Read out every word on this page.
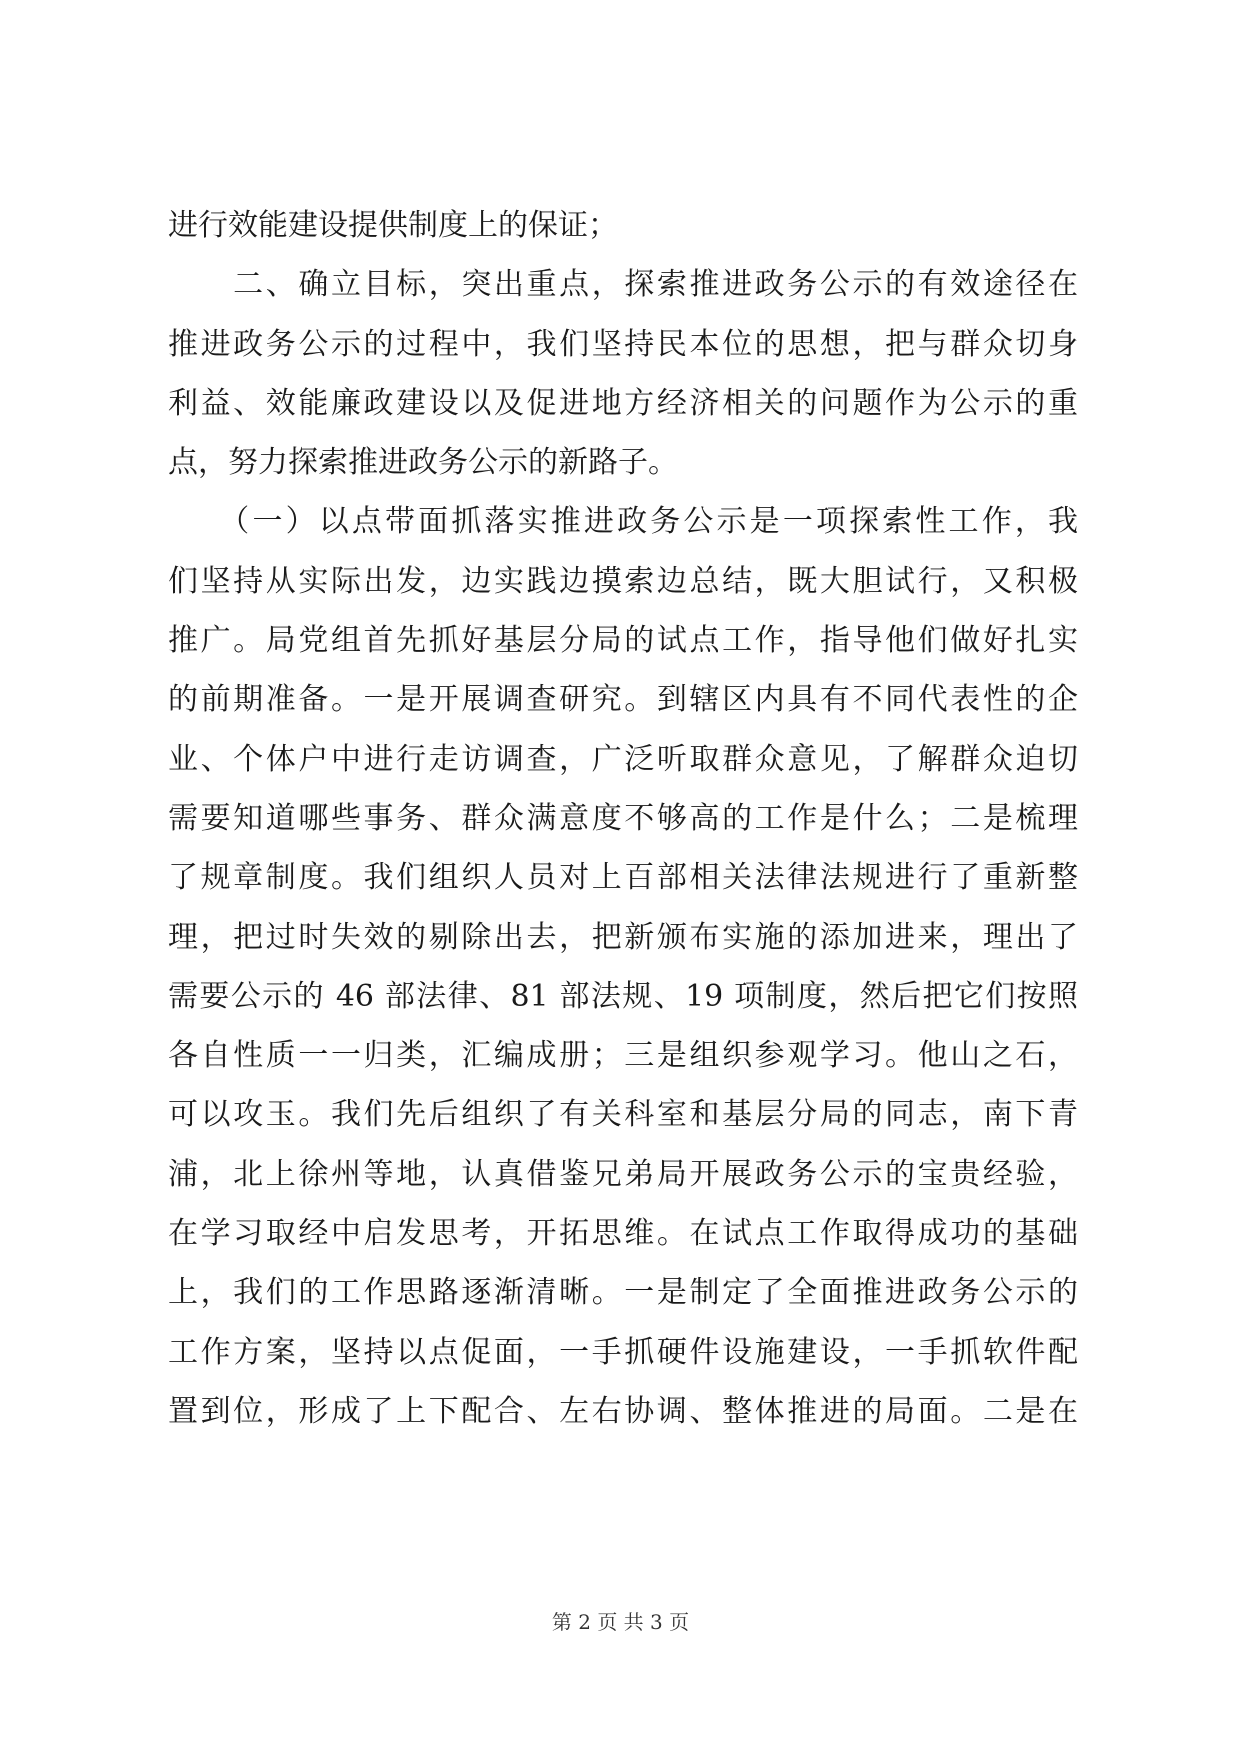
进行效能建设提供制度上的保证；
　　二、确立目标，突出重点，探索推进政务公示的有效途径在
推进政务公示的过程中，我们坚持民本位的思想，把与群众切身
利益、效能廉政建设以及促进地方经济相关的问题作为公示的重
点，努力探索推进政务公示的新路子。
　　（一）以点带面抓落实推进政务公示是一项探索性工作，我
们坚持从实际出发，边实践边摸索边总结，既大胆试行，又积极
推广。局党组首先抓好基层分局的试点工作，指导他们做好扎实
的前期准备。一是开展调查研究。到辖区内具有不同代表性的企
业、个体户中进行走访调查，广泛听取群众意见，了解群众迫切
需要知道哪些事务、群众满意度不够高的工作是什么；二是梳理
了规章制度。我们组织人员对上百部相关法律法规进行了重新整
理，把过时失效的剔除出去，把新颁布实施的添加进来，理出了
需要公示的 46 部法律、81 部法规、19 项制度，然后把它们按照
各自性质一一归类，汇编成册；三是组织参观学习。他山之石，
可以攻玉。我们先后组织了有关科室和基层分局的同志，南下青
浦，北上徐州等地，认真借鉴兄弟局开展政务公示的宝贵经验，
在学习取经中启发思考，开拓思维。在试点工作取得成功的基础
上，我们的工作思路逐渐清晰。一是制定了全面推进政务公示的
工作方案，坚持以点促面，一手抓硬件设施建设，一手抓软件配
置到位，形成了上下配合、左右协调、整体推进的局面。二是在
第 2 页 共 3 页
